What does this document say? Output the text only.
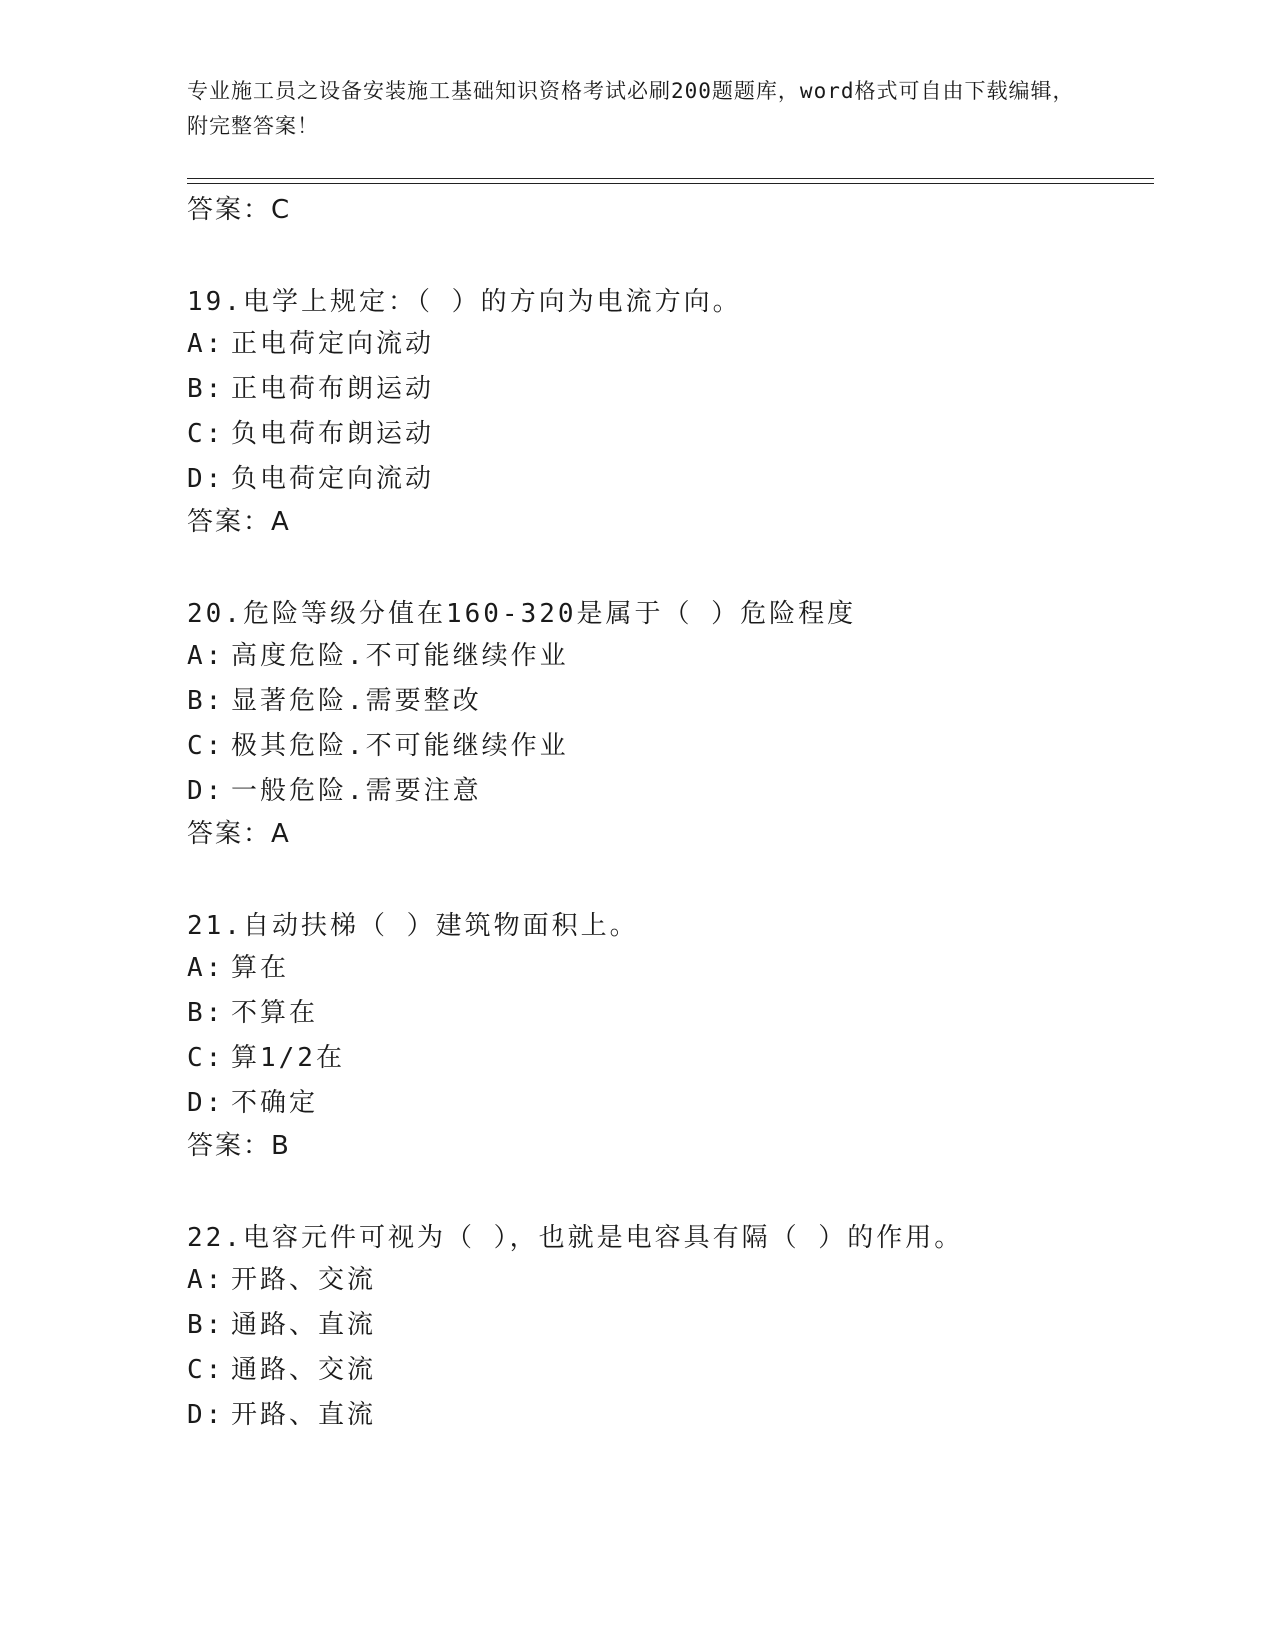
专业施工员之设备安装施工基础知识资格考试必刷200题题库，word格式可自由下载编辑，附完整答案！
答案：C
19.电学上规定：（ ）的方向为电流方向。
A: 正电荷定向流动
B: 正电荷布朗运动
C: 负电荷布朗运动
D: 负电荷定向流动
答案：A
20.危险等级分值在160-320是属于（ ）危险程度
A: 高度危险.不可能继续作业
B: 显著危险.需要整改
C: 极其危险.不可能继续作业
D: 一般危险.需要注意
答案：A
21.自动扶梯（ ）建筑物面积上。
A: 算在
B: 不算在
C: 算1/2在
D: 不确定
答案：B
22.电容元件可视为（ ），也就是电容具有隔（ ）的作用。
A: 开路、交流
B: 通路、直流
C: 通路、交流
D: 开路、直流
